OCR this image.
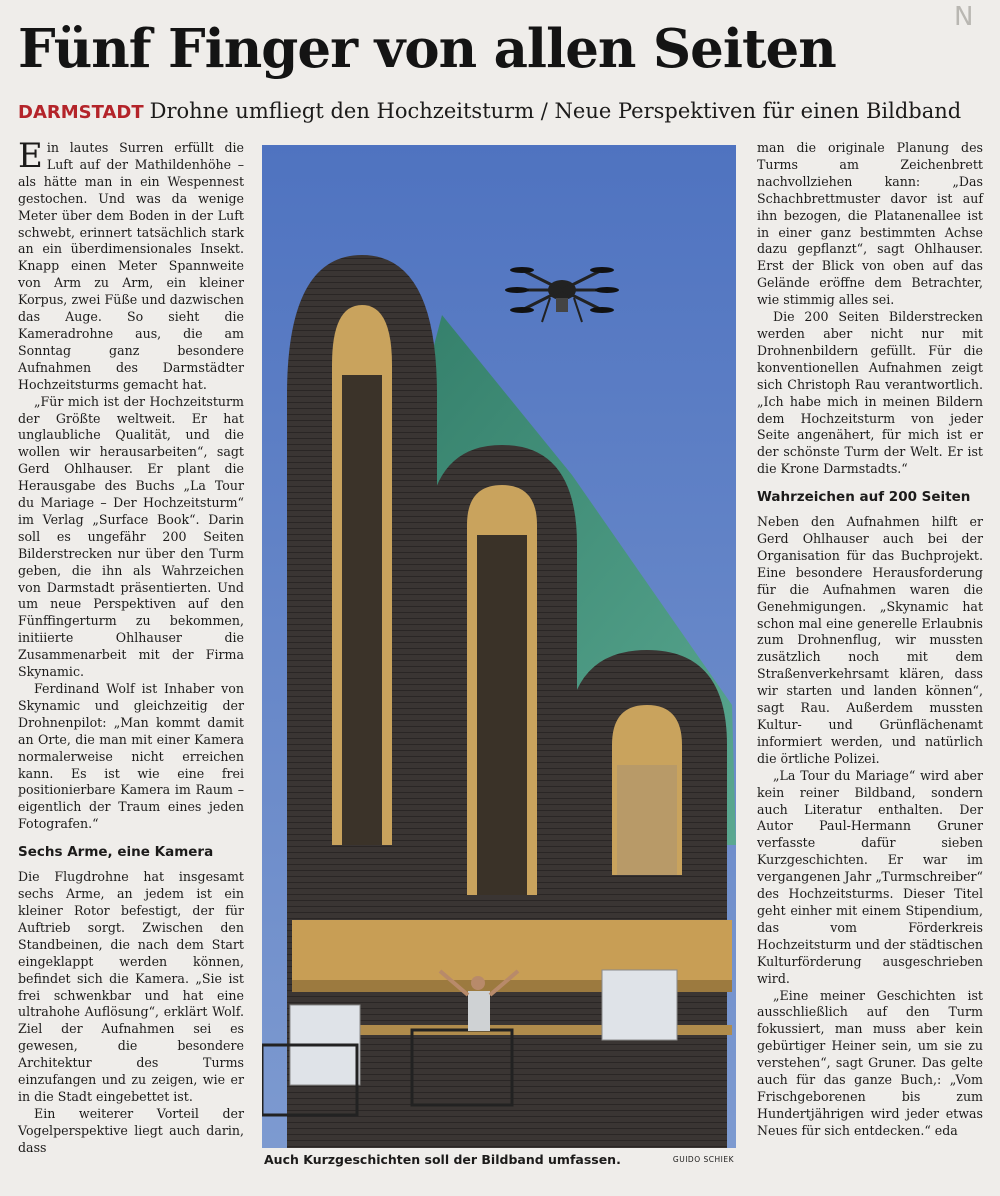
Fünf Finger von allen Seiten
N
DARMSTADT Drohne umfliegt den Hochzeitsturm / Neue Perspektiven für einen Bildband

Ein lautes Surren erfüllt die Luft auf der Mathildenhöhe – als hätte man in ein Wespennest gestochen. Und was da wenige Meter über dem Boden in der Luft schwebt, erinnert tatsächlich stark an ein überdimensionales Insekt. Knapp einen Meter Spannweite von Arm zu Arm, ein kleiner Korpus, zwei Füße und dazwischen das Auge. So sieht die Kameradrohne aus, die am Sonntag ganz besondere Aufnahmen des Darmstädter Hochzeitsturms gemacht hat.

„Für mich ist der Hochzeitsturm der Größte weltweit. Er hat unglaubliche Qualität, und die wollen wir herausarbeiten“, sagt Gerd Ohlhauser. Er plant die Herausgabe des Buchs „La Tour du Mariage – Der Hochzeitsturm“ im Verlag „Surface Book“. Darin soll es ungefähr 200 Seiten Bilderstrecken nur über den Turm geben, die ihn als Wahrzeichen von Darmstadt präsentierten. Und um neue Perspektiven auf den Fünffingerturm zu bekommen, initiierte Ohlhauser die Zusammenarbeit mit der Firma Skynamic.

Ferdinand Wolf ist Inhaber von Skynamic und gleichzeitig der Drohnenpilot: „Man kommt damit an Orte, die man mit einer Kamera normalerweise nicht erreichen kann. Es ist wie eine frei positionierbare Kamera im Raum – eigentlich der Traum eines jeden Fotografen.“

Sechs Arme, eine Kamera

Die Flugdrohne hat insgesamt sechs Arme, an jedem ist ein kleiner Rotor befestigt, der für Auftrieb sorgt. Zwischen den Standbeinen, die nach dem Start eingeklappt werden können, befindet sich die Kamera. „Sie ist frei schwenkbar und hat eine ultrahohe Auflösung“, erklärt Wolf. Ziel der Aufnahmen sei es gewesen, die besondere Architektur des Turms einzufangen und zu zeigen, wie er in die Stadt eingebettet ist.

Ein weiterer Vorteil der Vogelperspektive liegt auch darin, dass

Auch Kurzgeschichten soll der Bildband umfassen.	GUIDO SCHIEK

man die originale Planung des Turms am Zeichenbrett nachvollziehen kann: „Das Schachbrettmuster davor ist auf ihn bezogen, die Platanenallee ist in einer ganz bestimmten Achse dazu gepflanzt“, sagt Ohlhauser. Erst der Blick von oben auf das Gelände eröffne dem Betrachter, wie stimmig alles sei.

Die 200 Seiten Bilderstrecken werden aber nicht nur mit Drohnenbildern gefüllt. Für die konventionellen Aufnahmen zeigt sich Christoph Rau verantwortlich. „Ich habe mich in meinen Bildern dem Hochzeitsturm von jeder Seite angenähert, für mich ist er der schönste Turm der Welt. Er ist die Krone Darmstadts.“

Wahrzeichen auf 200 Seiten

Neben den Aufnahmen hilft er Gerd Ohlhauser auch bei der Organisation für das Buchprojekt. Eine besondere Herausforderung für die Aufnahmen waren die Genehmigungen. „Skynamic hat schon mal eine generelle Erlaubnis zum Drohnenflug, wir mussten zusätzlich noch mit dem Straßenverkehrsamt klären, dass wir starten und landen können“, sagt Rau. Außerdem mussten Kultur- und Grünflächenamt informiert werden, und natürlich die örtliche Polizei.

„La Tour du Mariage“ wird aber kein reiner Bildband, sondern auch Literatur enthalten. Der Autor Paul-Hermann Gruner verfasste dafür sieben Kurzgeschichten. Er war im vergangenen Jahr „Turmschreiber“ des Hochzeitsturms. Dieser Titel geht einher mit einem Stipendium, das vom Förderkreis Hochzeitsturm und der städtischen Kulturförderung ausgeschrieben wird.

„Eine meiner Geschichten ist ausschließlich auf den Turm fokussiert, man muss aber kein gebürtiger Heiner sein, um sie zu verstehen“, sagt Gruner. Das gelte auch für das ganze Buch,: „Vom Frischgeborenen bis zum Hundertjährigen wird jeder etwas Neues für sich entdecken.“ eda
